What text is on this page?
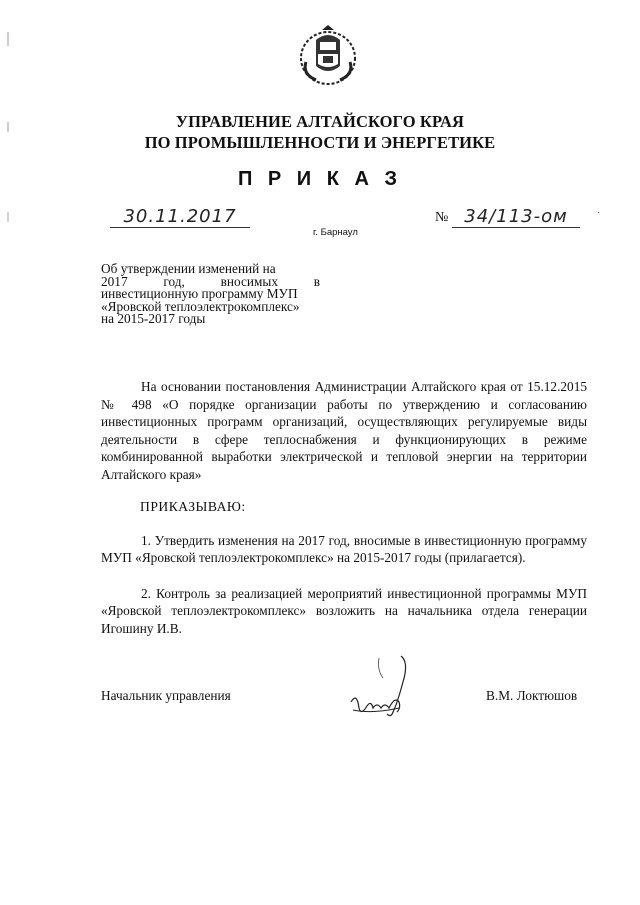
УПРАВЛЕНИЕ АЛТАЙСКОГО КРАЯ
ПО ПРОМЫШЛЕННОСТИ И ЭНЕРГЕТИКЕ
П Р И К А З
30.11.2017
г. Барнаул
№ 34/113-ом	·
Об утверждении изменений на
2017 год, вносимых в
инвестиционную программу МУП
«Яровской теплоэлектрокомплекс»
на 2015-2017 годы
На основании постановления Администрации Алтайского края от 15.12.2015 № 498 «О порядке организации работы по утверждению и согласованию инвестиционных программ организаций, осуществляющих регулируемые виды деятельности в сфере теплоснабжения и функционирующих в режиме комбинированной выработки электрической и тепловой энергии на территории Алтайского края»
ПРИКАЗЫВАЮ:
1. Утвердить изменения на 2017 год, вносимые в инвестиционную программу МУП «Яровской теплоэлектрокомплекс» на 2015-2017 годы (прилагается).
2. Контроль за реализацией мероприятий инвестиционной программы МУП «Яровской теплоэлектрокомплекс» возложить на начальника отдела генерации Игошину И.В.
Начальник управления	В.М. Локтюшов
